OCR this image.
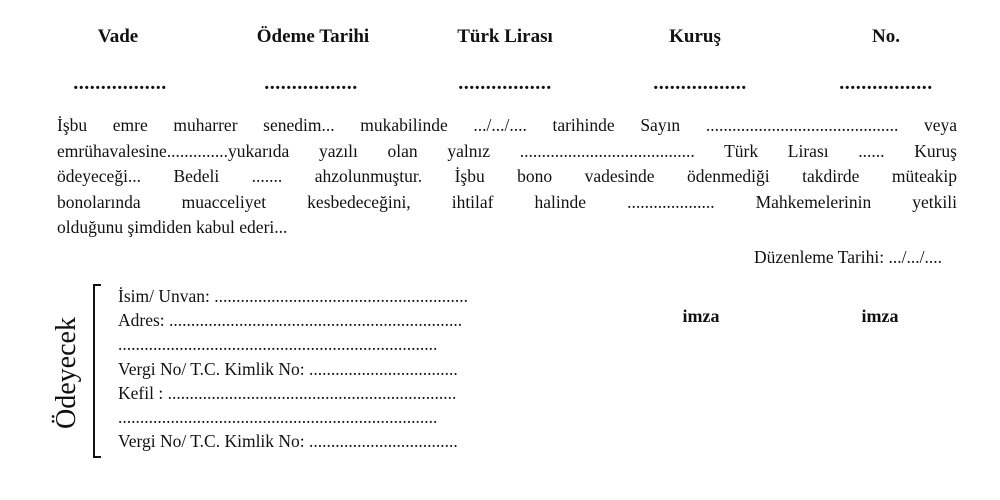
Vade	Ödeme Tarihi	Türk Lirası	Kuruş	No.
.................	.................	.................	.................	.................
İşbu emre muharrer senedim... mukabilinde .../.../.... tarihinde Sayın ............................................ veya
emrühavalesine..............yukarıda yazılı olan yalnız ........................................ Türk Lirası ...... Kuruş
ödeyeceği... Bedeli ....... ahzolunmuştur. İşbu bono vadesinde ödenmediği takdirde müteakip
bonolarında muacceliyet kesbedeceğini, ihtilaf halinde .................... Mahkemelerinin yetkili
olduğunu şimdiden kabul ederi...
Düzenleme Tarihi: .../.../....
Ödeyecek
İsim/ Unvan: ..........................................................
Adres: ...................................................................
.........................................................................
Vergi No/ T.C. Kimlik No: ..................................
Kefil : ..................................................................
.........................................................................
Vergi No/ T.C. Kimlik No: ..................................
imza	imza
